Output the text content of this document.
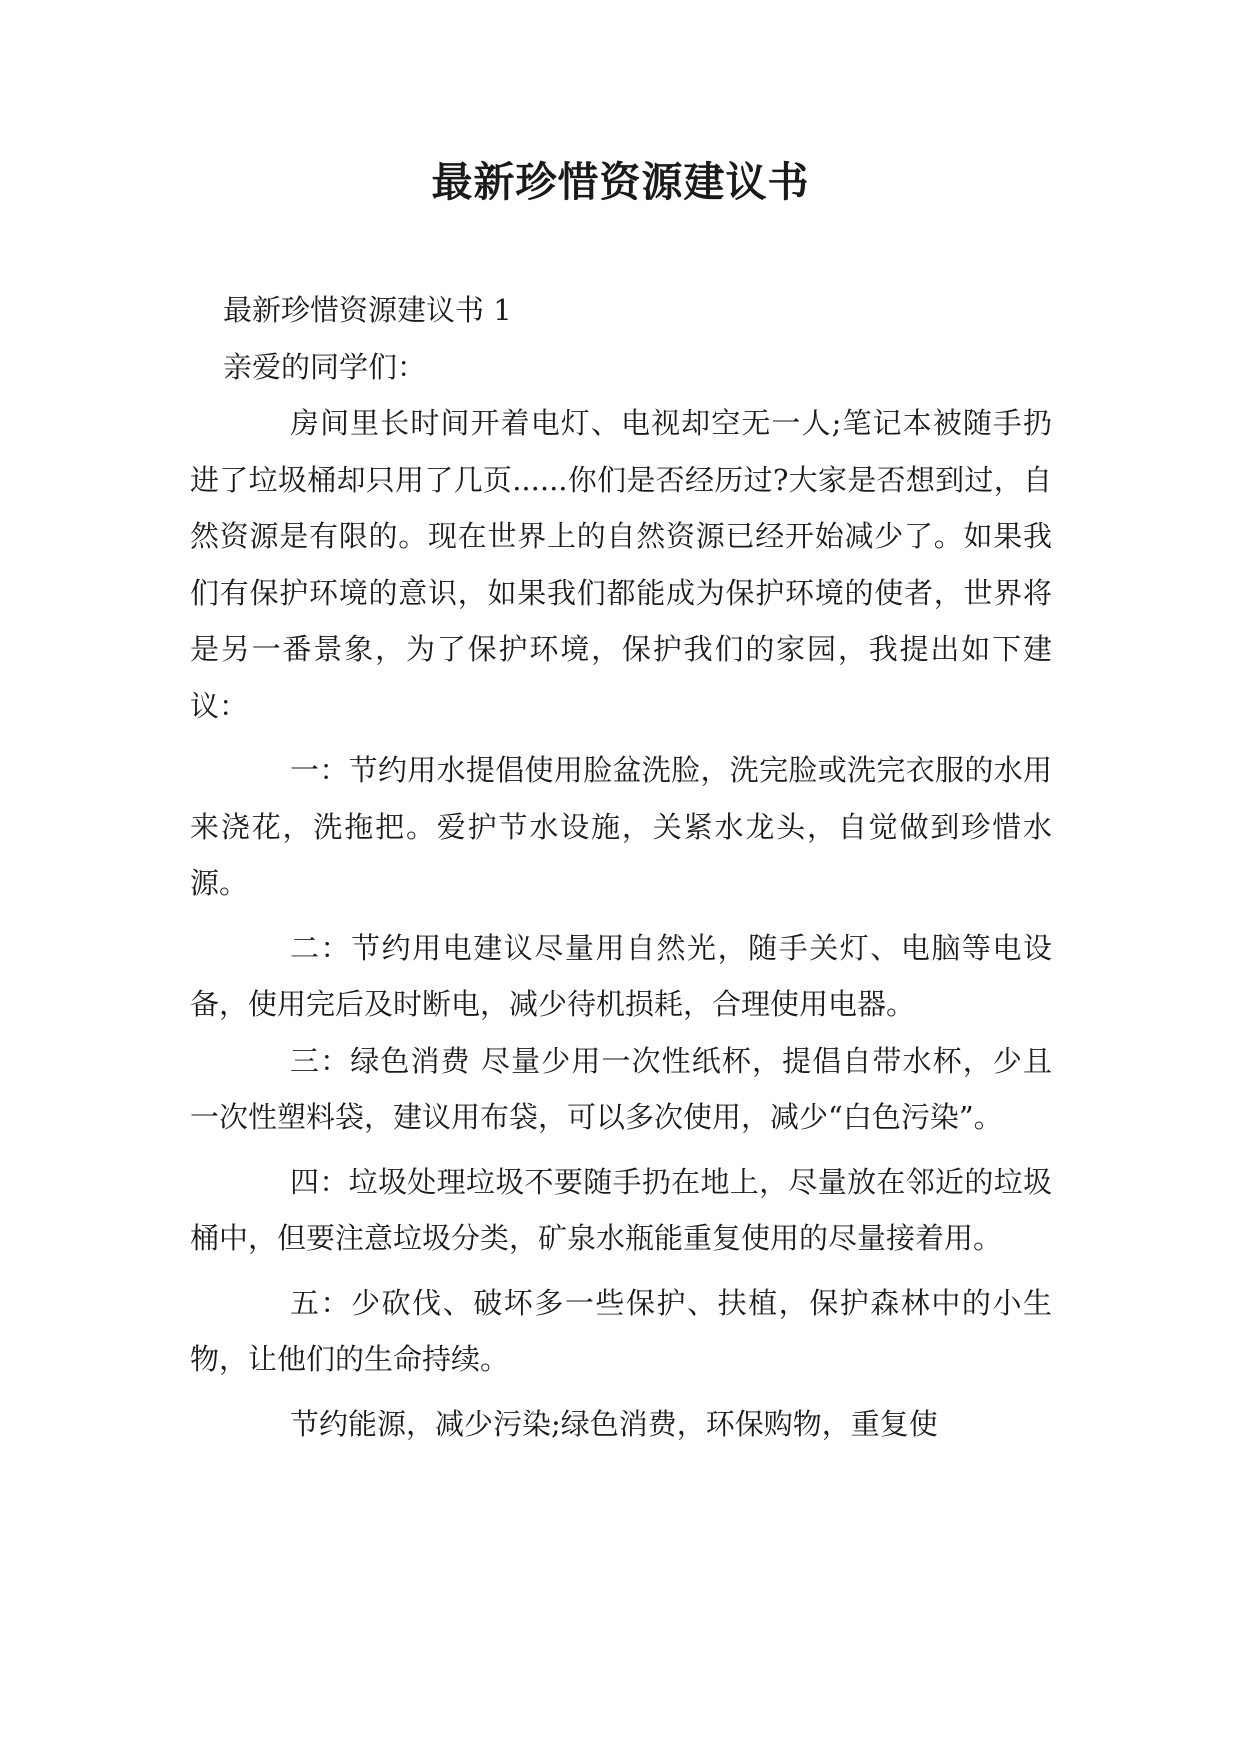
最新珍惜资源建议书

最新珍惜资源建议书 1

亲爱的同学们：

房间里长时间开着电灯、电视却空无一人;笔记本被随手扔进了垃圾桶却只用了几页......你们是否经历过?大家是否想到过，自然资源是有限的。现在世界上的自然资源已经开始减少了。如果我们有保护环境的意识，如果我们都能成为保护环境的使者，世界将是另一番景象，为了保护环境，保护我们的家园，我提出如下建议：

一：节约用水提倡使用脸盆洗脸，洗完脸或洗完衣服的水用来浇花，洗拖把。爱护节水设施，关紧水龙头，自觉做到珍惜水源。

二：节约用电建议尽量用自然光，随手关灯、电脑等电设备，使用完后及时断电，减少待机损耗，合理使用电器。

三：绿色消费 尽量少用一次性纸杯，提倡自带水杯，少且一次性塑料袋，建议用布袋，可以多次使用，减少“白色污染”。

四：垃圾处理垃圾不要随手扔在地上，尽量放在邻近的垃圾桶中，但要注意垃圾分类，矿泉水瓶能重复使用的尽量接着用。

五：少砍伐、破坏多一些保护、扶植，保护森林中的小生物，让他们的生命持续。

节约能源，减少污染;绿色消费，环保购物，重复使
